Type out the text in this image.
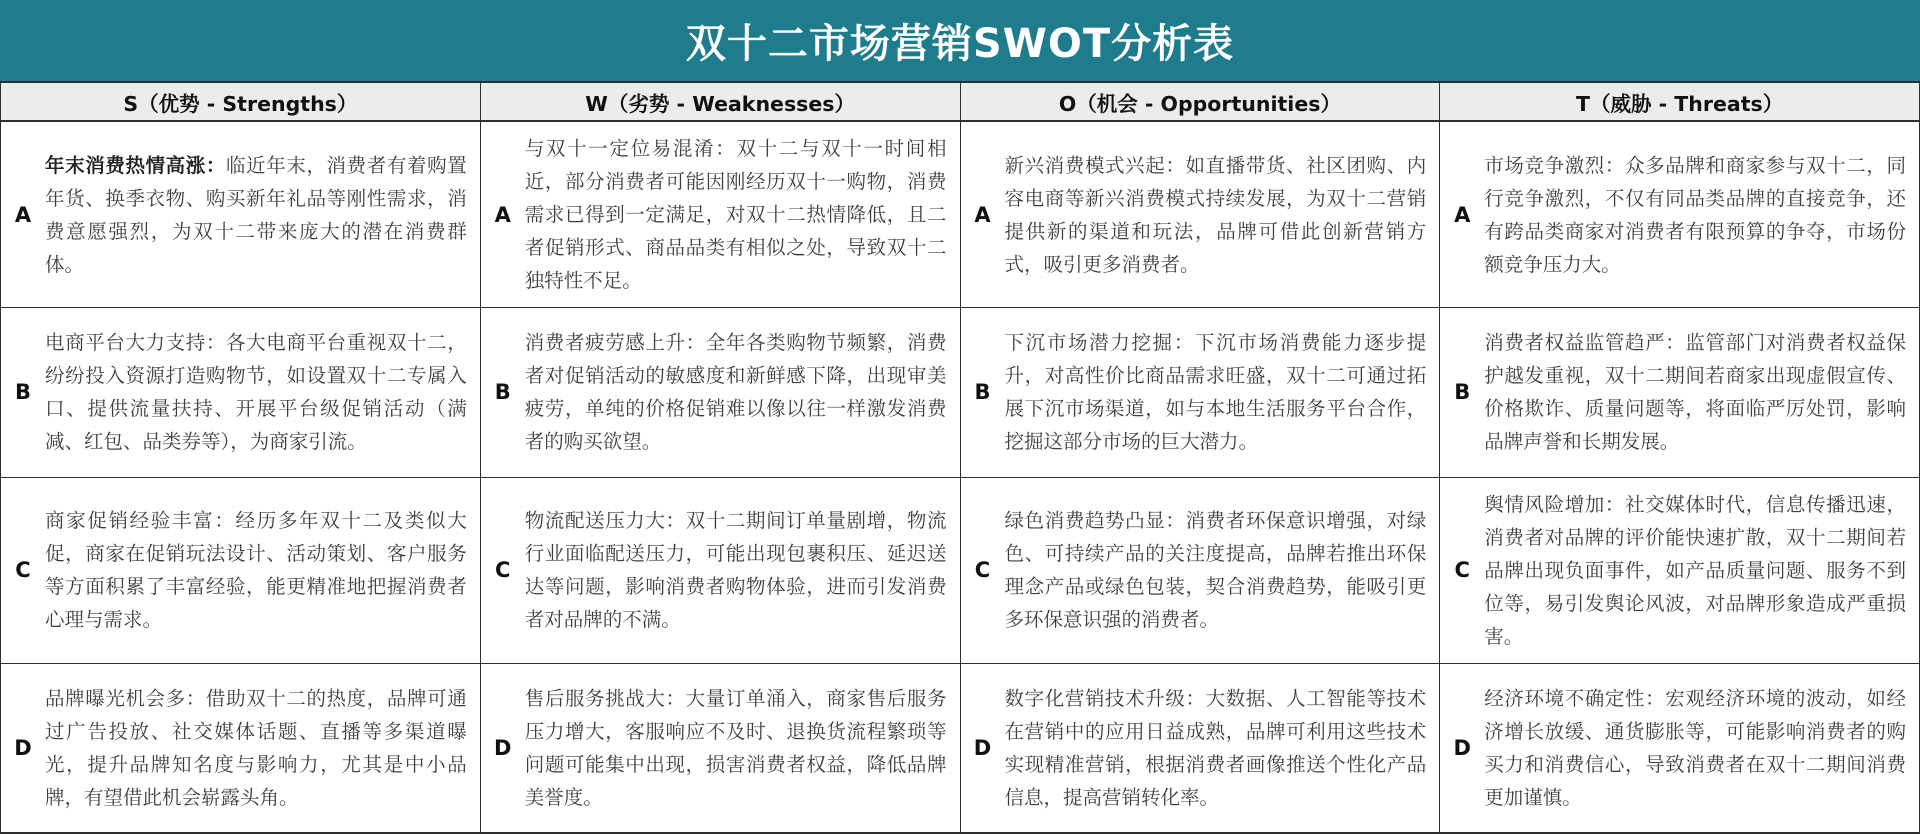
双十二市场营销SWOT分析表
S（优势 - Strengths）	W（劣势 - Weaknesses）	O（机会 - Opportunities）	T（威胁 - Threats）
A
年末消费热情高涨：临近年末，消费者有着购置年货、换季衣物、购买新年礼品等刚性需求，消费意愿强烈，为双十二带来庞大的潜在消费群体。
A
与双十一定位易混淆：双十二与双十一时间相近，部分消费者可能因刚经历双十一购物，消费需求已得到一定满足，对双十二热情降低，且二者促销形式、商品品类有相似之处，导致双十二独特性不足。
A
新兴消费模式兴起：如直播带货、社区团购、内容电商等新兴消费模式持续发展，为双十二营销提供新的渠道和玩法，品牌可借此创新营销方式，吸引更多消费者。
A
市场竞争激烈：众多品牌和商家参与双十二，同行竞争激烈，不仅有同品类品牌的直接竞争，还有跨品类商家对消费者有限预算的争夺，市场份额竞争压力大。
B
电商平台大力支持：各大电商平台重视双十二，纷纷投入资源打造购物节，如设置双十二专属入口、提供流量扶持、开展平台级促销活动（满减、红包、品类券等），为商家引流。
B
消费者疲劳感上升：全年各类购物节频繁，消费者对促销活动的敏感度和新鲜感下降，出现审美疲劳，单纯的价格促销难以像以往一样激发消费者的购买欲望。
B
下沉市场潜力挖掘：下沉市场消费能力逐步提升，对高性价比商品需求旺盛，双十二可通过拓展下沉市场渠道，如与本地生活服务平台合作，挖掘这部分市场的巨大潜力。
B
消费者权益监管趋严：监管部门对消费者权益保护越发重视，双十二期间若商家出现虚假宣传、价格欺诈、质量问题等，将面临严厉处罚，影响品牌声誉和长期发展。
C
商家促销经验丰富：经历多年双十二及类似大促，商家在促销玩法设计、活动策划、客户服务等方面积累了丰富经验，能更精准地把握消费者心理与需求。
C
物流配送压力大：双十二期间订单量剧增，物流行业面临配送压力，可能出现包裹积压、延迟送达等问题，影响消费者购物体验，进而引发消费者对品牌的不满。
C
绿色消费趋势凸显：消费者环保意识增强，对绿色、可持续产品的关注度提高，品牌若推出环保理念产品或绿色包装，契合消费趋势，能吸引更多环保意识强的消费者。
C
舆情风险增加：社交媒体时代，信息传播迅速，消费者对品牌的评价能快速扩散，双十二期间若品牌出现负面事件，如产品质量问题、服务不到位等，易引发舆论风波，对品牌形象造成严重损害。
D
品牌曝光机会多：借助双十二的热度，品牌可通过广告投放、社交媒体话题、直播等多渠道曝光，提升品牌知名度与影响力，尤其是中小品牌，有望借此机会崭露头角。
D
售后服务挑战大：大量订单涌入，商家售后服务压力增大，客服响应不及时、退换货流程繁琐等问题可能集中出现，损害消费者权益，降低品牌美誉度。
D
数字化营销技术升级：大数据、人工智能等技术在营销中的应用日益成熟，品牌可利用这些技术实现精准营销，根据消费者画像推送个性化产品信息，提高营销转化率。
D
经济环境不确定性：宏观经济环境的波动，如经济增长放缓、通货膨胀等，可能影响消费者的购买力和消费信心，导致消费者在双十二期间消费更加谨慎。
